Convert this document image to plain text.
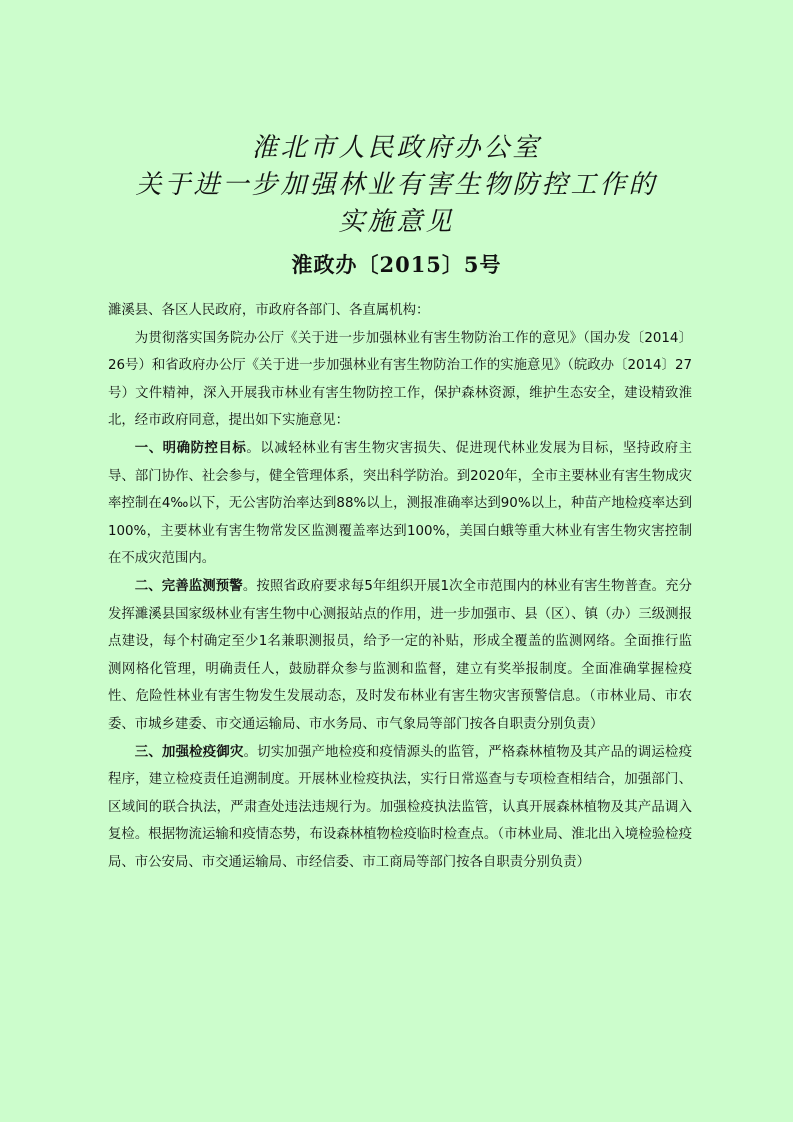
淮北市人民政府办公室
关于进一步加强林业有害生物防控工作的
实施意见
淮政办〔2015〕5号

濉溪县、各区人民政府，市政府各部门、各直属机构：

为贯彻落实国务院办公厅《关于进一步加强林业有害生物防治工作的意见》（国办发〔2014〕26号）和省政府办公厅《关于进一步加强林业有害生物防治工作的实施意见》（皖政办〔2014〕27号）文件精神，深入开展我市林业有害生物防控工作，保护森林资源，维护生态安全，建设精致淮北，经市政府同意，提出如下实施意见：

一、明确防控目标。以减轻林业有害生物灾害损失、促进现代林业发展为目标，坚持政府主导、部门协作、社会参与，健全管理体系，突出科学防治。到2020年，全市主要林业有害生物成灾率控制在4‰以下，无公害防治率达到88%以上，测报准确率达到90%以上，种苗产地检疫率达到100%，主要林业有害生物常发区监测覆盖率达到100%，美国白蛾等重大林业有害生物灾害控制在不成灾范围内。

二、完善监测预警。按照省政府要求每5年组织开展1次全市范围内的林业有害生物普查。充分发挥濉溪县国家级林业有害生物中心测报站点的作用，进一步加强市、县（区）、镇（办）三级测报点建设，每个村确定至少1名兼职测报员，给予一定的补贴，形成全覆盖的监测网络。全面推行监测网格化管理，明确责任人，鼓励群众参与监测和监督，建立有奖举报制度。全面准确掌握检疫性、危险性林业有害生物发生发展动态，及时发布林业有害生物灾害预警信息。（市林业局、市农委、市城乡建委、市交通运输局、市水务局、市气象局等部门按各自职责分别负责）

三、加强检疫御灾。切实加强产地检疫和疫情源头的监管，严格森林植物及其产品的调运检疫程序，建立检疫责任追溯制度。开展林业检疫执法，实行日常巡查与专项检查相结合，加强部门、区域间的联合执法，严肃查处违法违规行为。加强检疫执法监管，认真开展森林植物及其产品调入复检。根据物流运输和疫情态势，布设森林植物检疫临时检查点。（市林业局、淮北出入境检验检疫局、市公安局、市交通运输局、市经信委、市工商局等部门按各自职责分别负责）
